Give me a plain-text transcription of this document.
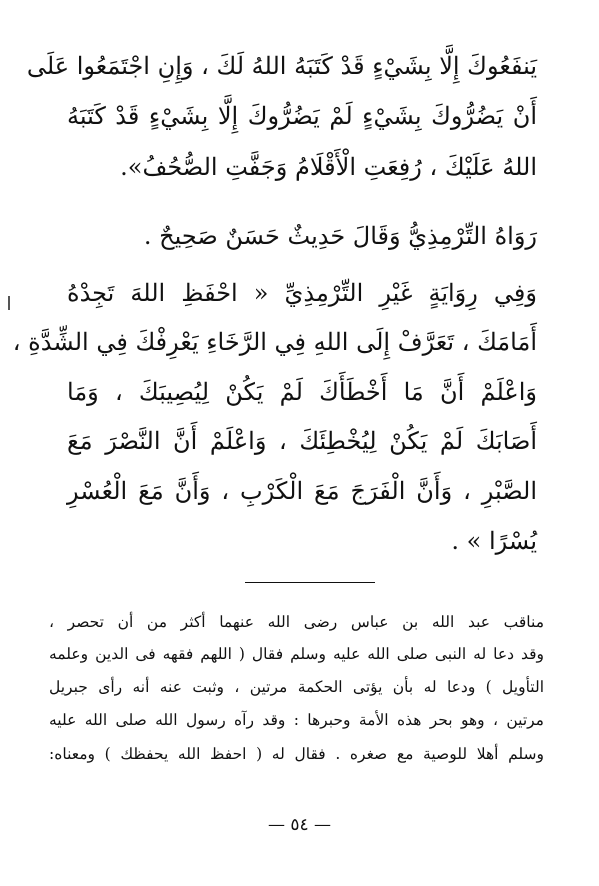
يَنفَعُوكَ إِلَّا بِشَيْءٍ قَدْ كَتَبَهُ اللهُ لَكَ ، وَإِنِ اجْتَمَعُوا عَلَى
أَنْ يَضُرُّوكَ بِشَيْءٍ لَمْ يَضُرُّوكَ إِلَّا بِشَيْءٍ قَدْ كَتَبَهُ
اللهُ عَلَيْكَ ، رُفِعَتِ الْأَقْلَامُ وَجَفَّتِ الصُّحُفُ».
رَوَاهُ التِّرْمِذِيُّ وَقَالَ حَدِيثٌ حَسَنٌ صَحِيحٌ .
وَفِي رِوَايَةٍ غَيْرِ التِّرْمِذِيِّ « احْفَظِ اللهَ تَجِدْهُ
أَمَامَكَ ، تَعَرَّفْ إِلَى اللهِ فِي الرَّخَاءِ يَعْرِفْكَ فِي الشِّدَّةِ ،
وَاعْلَمْ أَنَّ مَا أَخْطَأَكَ لَمْ يَكُنْ لِيُصِيبَكَ ، وَمَا
أَصَابَكَ لَمْ يَكُنْ لِيُخْطِئَكَ ، وَاعْلَمْ أَنَّ النَّصْرَ مَعَ
الصَّبْرِ ، وَأَنَّ الْفَرَجَ مَعَ الْكَرْبِ ، وَأَنَّ مَعَ الْعُسْرِ
يُسْرًا » .
مناقب عبد الله بن عباس رضى الله عنهما أكثر من أن تحصر ،
وقد دعا له النبى صلى الله عليه وسلم فقال ( اللهم فقهه فى الدين وعلمه
التأويل ) ودعا له بأن يؤتى الحكمة مرتين ، وثبت عنه أنه رأى جبريل
مرتين ، وهو بحر هذه الأمة وحبرها : وقد رآه رسول الله صلى الله عليه
وسلم أهلا للوصية مع صغره . فقال له ( احفظ الله يحفظك ) ومعناه:
— ٥٤ —
